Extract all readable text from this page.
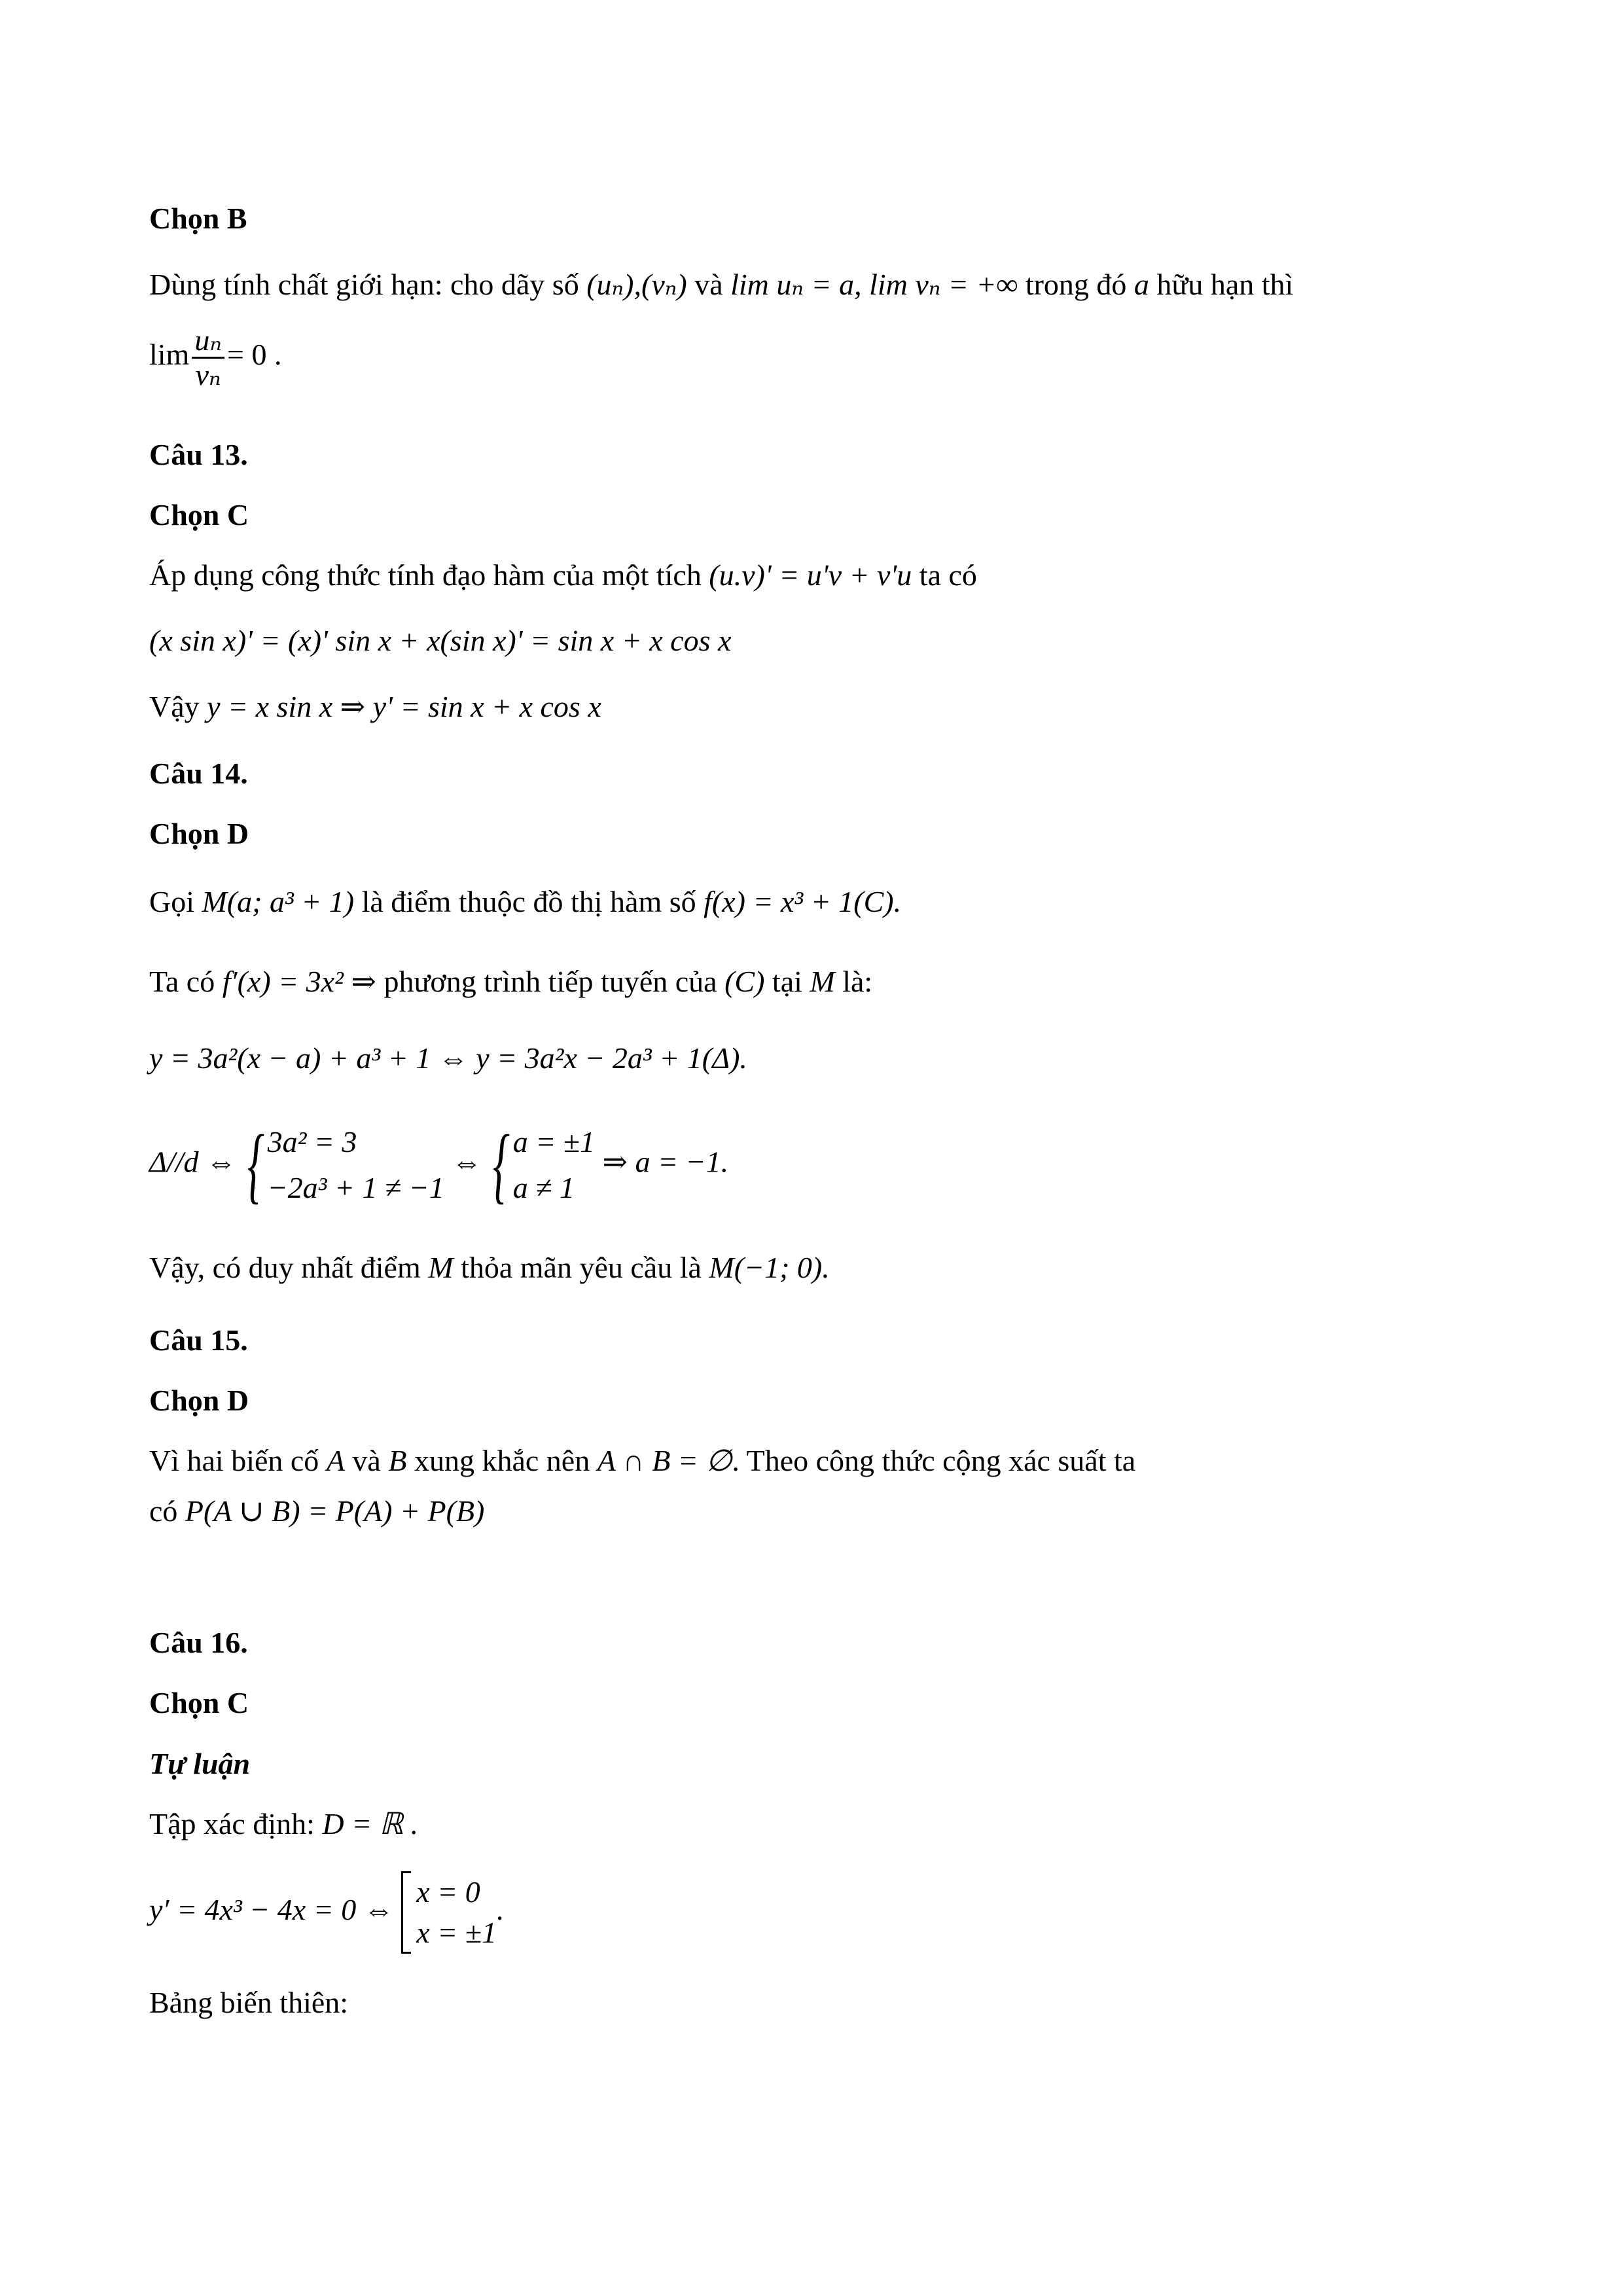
Chọn B
Dùng tính chất giới hạn: cho dãy số (uₙ),(vₙ) và lim uₙ = a, lim vₙ = +∞ trong đó a hữu hạn thì
$\lim \frac{\text{uₙ}}{\text{vₙ}} = 0$ .
Câu 13.
Chọn C
Áp dụng công thức tính đạo hàm của một tích (u.v)' = u'v + v'u ta có
(x sin x)' = (x)' sin x + x(sin x)' = sin x + x cos x
Vậy y = x sin x ⇒ y' = sin x + x cos x
Câu 14.
Chọn D
Gọi M(a; a³ + 1) là điểm thuộc đồ thị hàm số f(x) = x³ + 1(C).
Ta có f′(x) = 3x² ⇒ phương trình tiếp tuyến của (C) tại M là:
y = 3a²(x − a) + a³ + 1 ⇔ y = 3a²x − 2a³ + 1(Δ).
Δ//d ⇔ { 3a² = 3
−2a³ + 1 ≠ −1
⇔ { a = ±1
a ≠ 1
⇒ a = −1.
Vậy, có duy nhất điểm M thỏa mãn yêu cầu là M(−1; 0).
Câu 15.
Chọn D
Vì hai biến cố A và B xung khắc nên A ∩ B = ∅. Theo công thức cộng xác suất ta
có P(A ∪ B) = P(A) + P(B)
Câu 16.
Chọn C
Tự luận
Tập xác định: D = ℝ .
y′ = 4x³ − 4x = 0 ⇔
x = 0
x = ±1
.
Bảng biến thiên:
